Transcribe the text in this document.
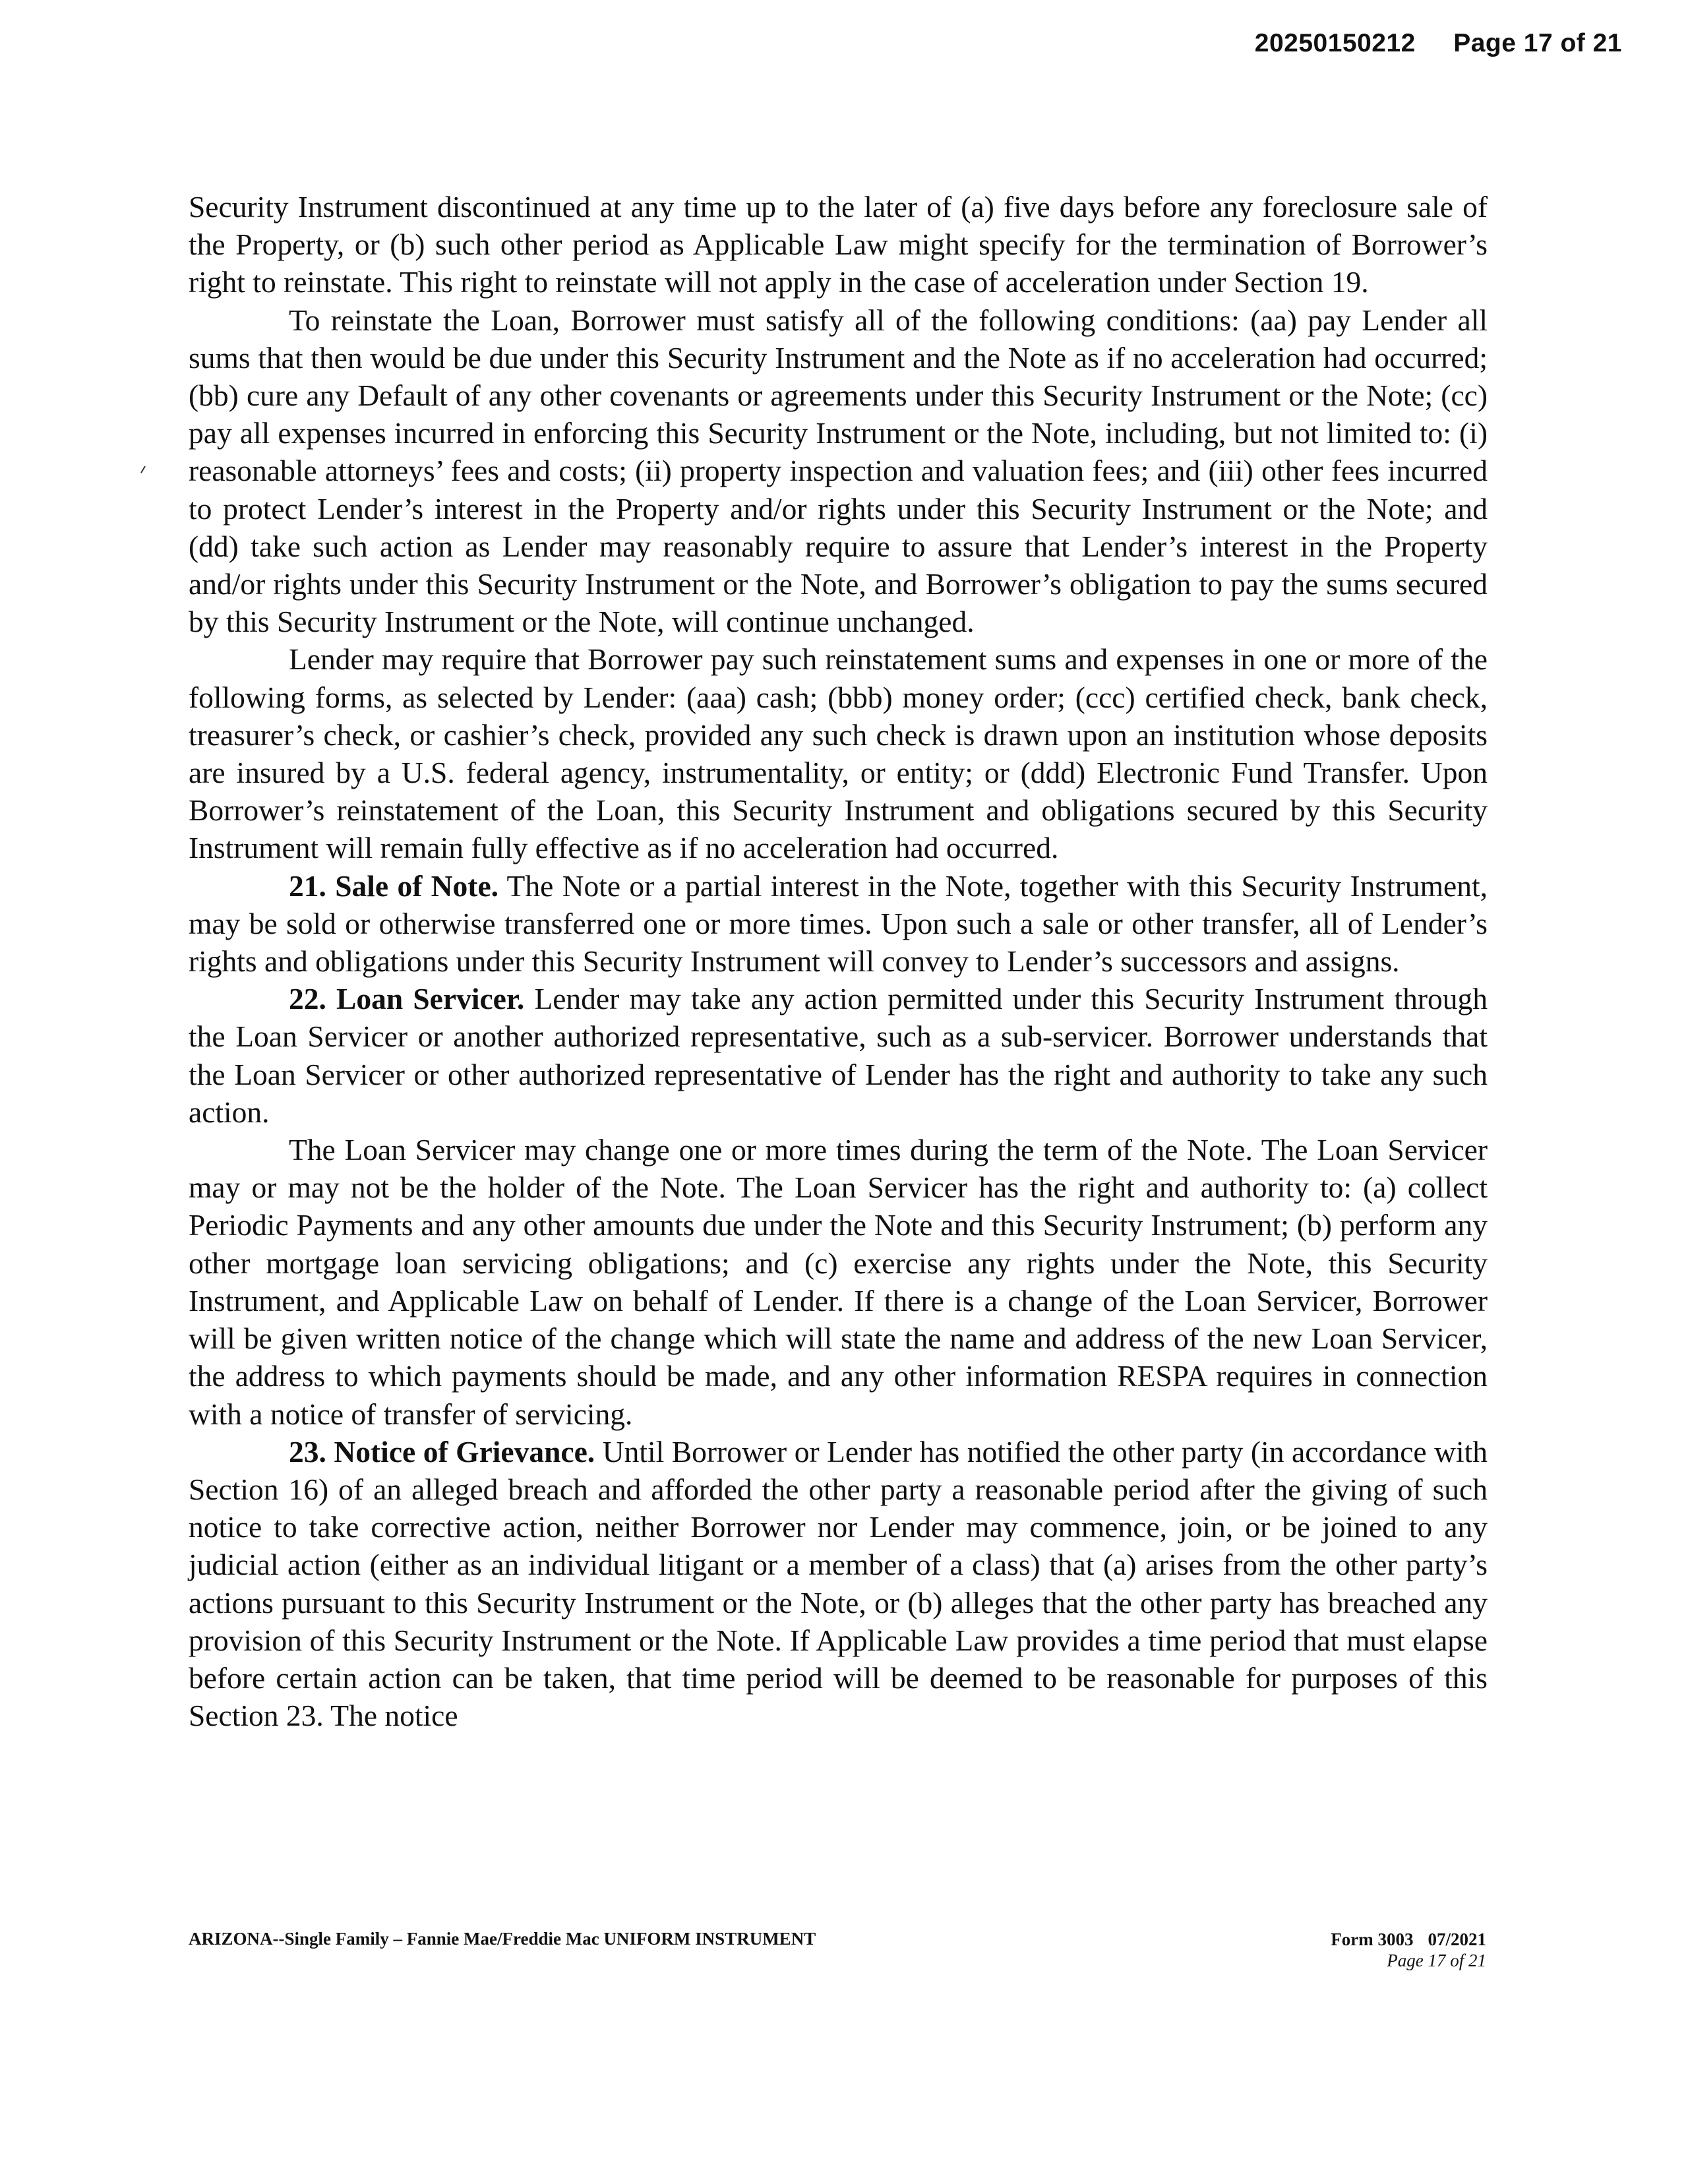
20250150212 Page 17 of 21

Security Instrument discontinued at any time up to the later of (a) five days before any foreclosure sale of the Property, or (b) such other period as Applicable Law might specify for the termination of Borrower’s right to reinstate. This right to reinstate will not apply in the case of acceleration under Section 19.

To reinstate the Loan, Borrower must satisfy all of the following conditions: (aa) pay Lender all sums that then would be due under this Security Instrument and the Note as if no acceleration had occurred; (bb) cure any Default of any other covenants or agreements under this Security Instrument or the Note; (cc) pay all expenses incurred in enforcing this Security Instrument or the Note, including, but not limited to: (i) reasonable attorneys’ fees and costs; (ii) property inspection and valuation fees; and (iii) other fees incurred to protect Lender’s interest in the Property and/or rights under this Security Instrument or the Note; and (dd) take such action as Lender may reasonably require to assure that Lender’s interest in the Property and/or rights under this Security Instrument or the Note, and Borrower’s obligation to pay the sums secured by this Security Instrument or the Note, will continue unchanged.

Lender may require that Borrower pay such reinstatement sums and expenses in one or more of the following forms, as selected by Lender: (aaa) cash; (bbb) money order; (ccc) certified check, bank check, treasurer’s check, or cashier’s check, provided any such check is drawn upon an institution whose deposits are insured by a U.S. federal agency, instrumentality, or entity; or (ddd) Electronic Fund Transfer. Upon Borrower’s reinstatement of the Loan, this Security Instrument and obligations secured by this Security Instrument will remain fully effective as if no acceleration had occurred.

21. Sale of Note. The Note or a partial interest in the Note, together with this Security Instrument, may be sold or otherwise transferred one or more times. Upon such a sale or other transfer, all of Lender’s rights and obligations under this Security Instrument will convey to Lender’s successors and assigns.

22. Loan Servicer. Lender may take any action permitted under this Security Instrument through the Loan Servicer or another authorized representative, such as a sub-servicer. Borrower understands that the Loan Servicer or other authorized representative of Lender has the right and authority to take any such action.

The Loan Servicer may change one or more times during the term of the Note. The Loan Servicer may or may not be the holder of the Note. The Loan Servicer has the right and authority to: (a) collect Periodic Payments and any other amounts due under the Note and this Security Instrument; (b) perform any other mortgage loan servicing obligations; and (c) exercise any rights under the Note, this Security Instrument, and Applicable Law on behalf of Lender. If there is a change of the Loan Servicer, Borrower will be given written notice of the change which will state the name and address of the new Loan Servicer, the address to which payments should be made, and any other information RESPA requires in connection with a notice of transfer of servicing.

23. Notice of Grievance. Until Borrower or Lender has notified the other party (in accordance with Section 16) of an alleged breach and afforded the other party a reasonable period after the giving of such notice to take corrective action, neither Borrower nor Lender may commence, join, or be joined to any judicial action (either as an individual litigant or a member of a class) that (a) arises from the other party’s actions pursuant to this Security Instrument or the Note, or (b) alleges that the other party has breached any provision of this Security Instrument or the Note. If Applicable Law provides a time period that must elapse before certain action can be taken, that time period will be deemed to be reasonable for purposes of this Section 23. The notice

ARIZONA--Single Family – Fannie Mae/Freddie Mac UNIFORM INSTRUMENT	Form 3003 07/2021
Page 17 of 21
